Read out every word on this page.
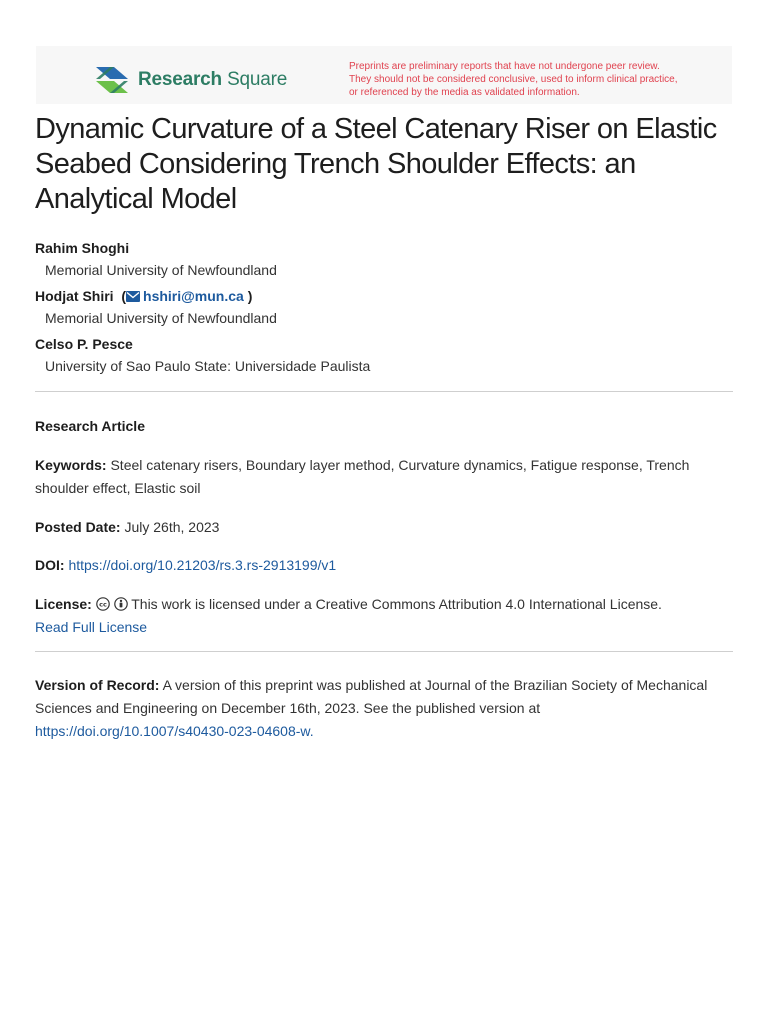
Research Square
Preprints are preliminary reports that have not undergone peer review.
They should not be considered conclusive, used to inform clinical practice,
or referenced by the media as validated information.
Dynamic Curvature of a Steel Catenary Riser on Elastic Seabed Considering Trench Shoulder Effects: an Analytical Model
Rahim Shoghi
Memorial University of Newfoundland
Hodjat Shiri  ( hshiri@mun.ca )
Memorial University of Newfoundland
Celso P. Pesce
University of Sao Paulo State: Universidade Paulista
Research Article
Keywords: Steel catenary risers, Boundary layer method, Curvature dynamics, Fatigue response, Trench shoulder effect, Elastic soil
Posted Date: July 26th, 2023
DOI: https://doi.org/10.21203/rs.3.rs-2913199/v1
License: cc This work is licensed under a Creative Commons Attribution 4.0 International License.
Read Full License
Version of Record: A version of this preprint was published at Journal of the Brazilian Society of Mechanical Sciences and Engineering on December 16th, 2023. See the published version at
https://doi.org/10.1007/s40430-023-04608-w.
